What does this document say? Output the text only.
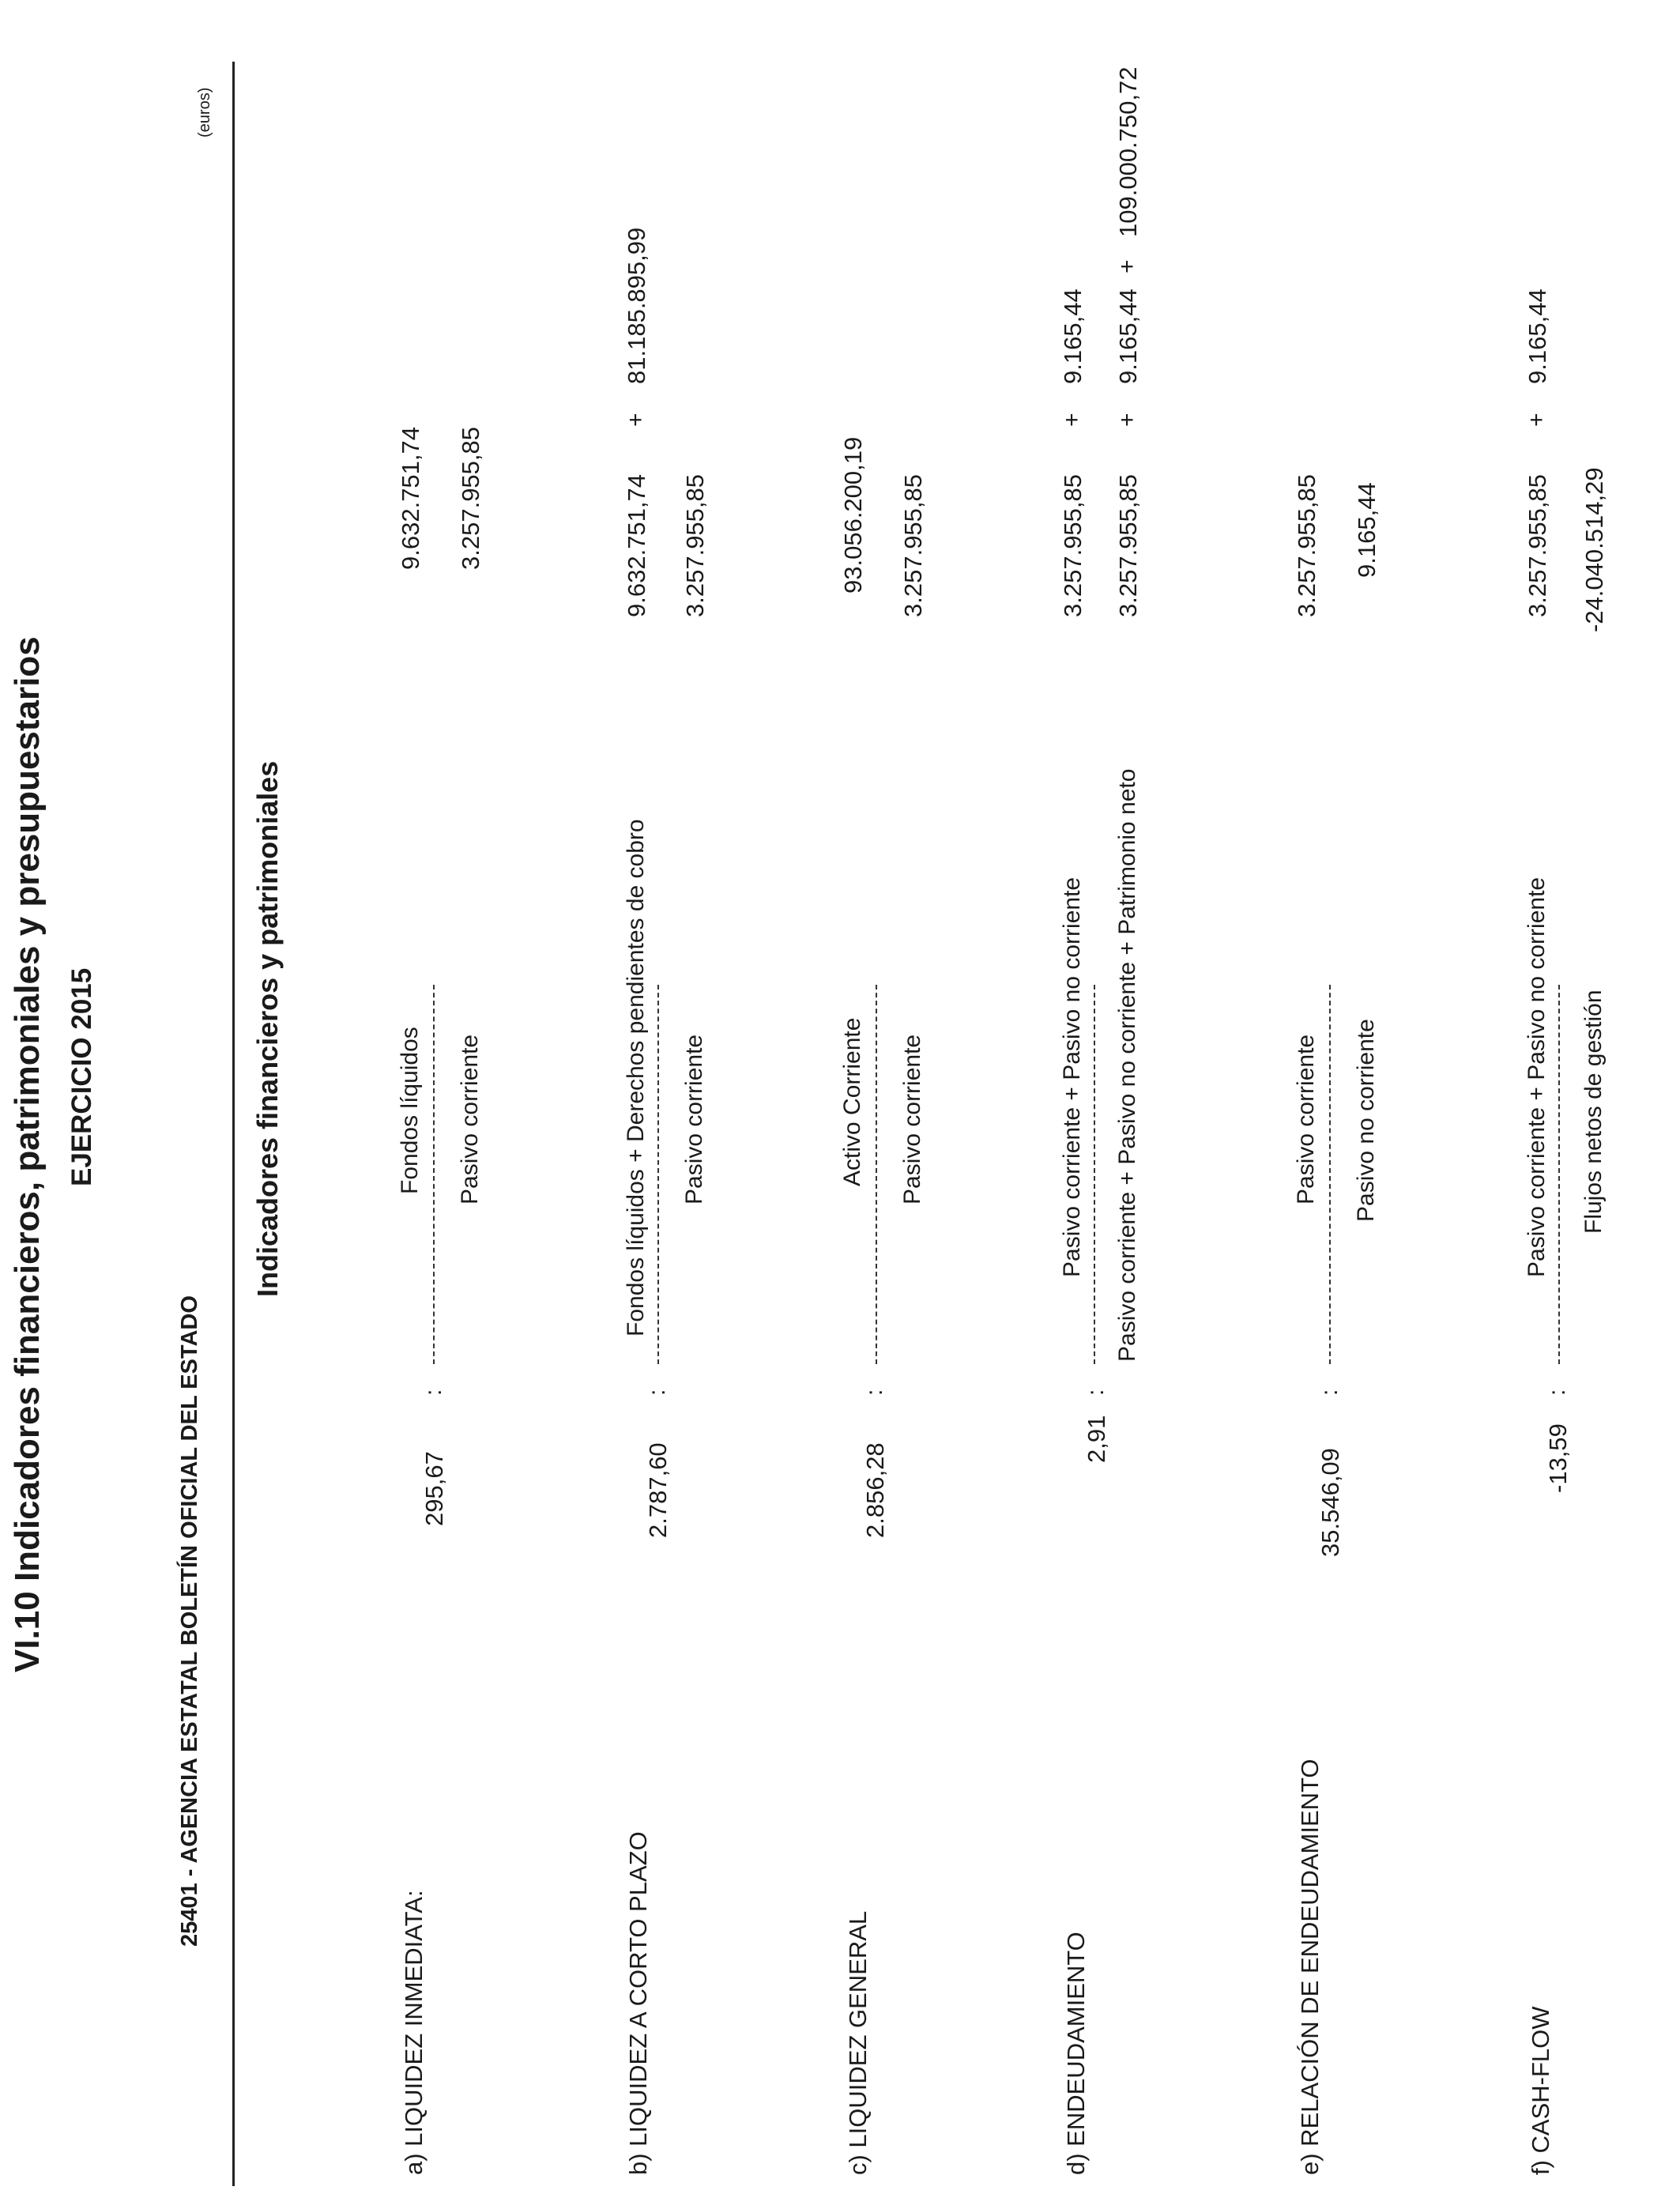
VI.10 Indicadores financieros, patrimoniales y presupuestarios EJERCICIO 2015
25401 - AGENCIA ESTATAL BOLETÍN OFICIAL DEL ESTADO
(euros)
Indicadores financieros y patrimoniales
a) LIQUIDEZ INMEDIATA:
295,67
:
Fondos líquidos Pasivo corriente
9.632.751,74 3.257.955,85
b) LIQUIDEZ A CORTO PLAZO
2.787,60
:
Fondos líquidos + Derechos pendientes de cobro Pasivo corriente
9.632.751,74
+
81.185.895,99
3.257.955,85
c) LIQUIDEZ GENERAL
2.856,28
:
Activo Corriente Pasivo corriente
93.056.200,19 3.257.955,85
d) ENDEUDAMIENTO
2,91
:
Pasivo corriente + Pasivo no corriente Pasivo corriente + Pasivo no corriente + Patrimonio neto
3.257.955,85
+
9.165,44
3.257.955,85
+
9.165,44
+
109.000.750,72
e) RELACIÓN DE ENDEUDAMIENTO
35.546,09
:
Pasivo corriente Pasivo no corriente
3.257.955,85 9.165,44
f) CASH-FLOW
-13,59
:
Pasivo corriente + Pasivo no corriente Flujos netos de gestión
3.257.955,85
+
9.165,44
-24.040.514,29
